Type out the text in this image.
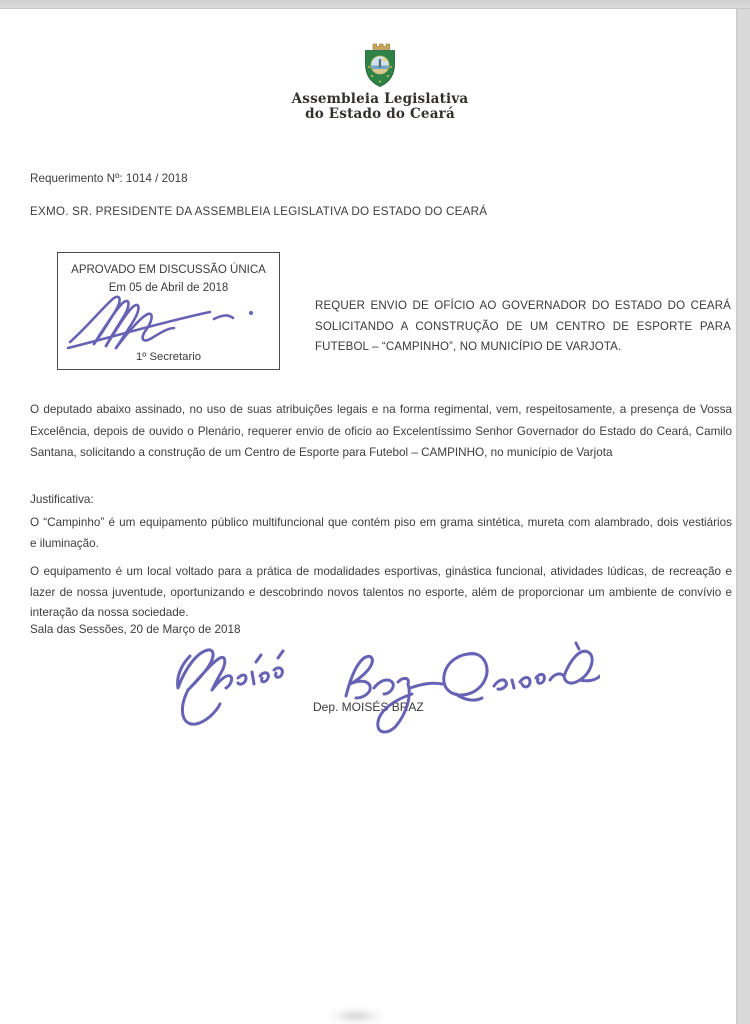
Assembleia Legislativa
do Estado do Ceará
Requerimento Nº: 1014 / 2018
EXMO. SR. PRESIDENTE DA ASSEMBLEIA LEGISLATIVA DO ESTADO DO CEARÁ
APROVADO EM DISCUSSÃO ÚNICA
Em 05 de Abril de 2018
1º Secretario
REQUER ENVIO DE OFÍCIO AO GOVERNADOR DO ESTADO DO CEARÁ
SOLICITANDO A CONSTRUÇÃO DE UM CENTRO DE ESPORTE PARA
FUTEBOL – “CAMPINHO”, NO MUNICÍPIO DE VARJOTA.
O deputado abaixo assinado, no uso de suas atribuições legais e na forma regimental, vem, respeitosamente, a presença de Vossa
Excelência, depois de ouvido o Plenário, requerer envio de oficio ao Excelentíssimo Senhor Governador do Estado do Ceará, Camilo
Santana, solicitando a construção de um Centro de Esporte para Futebol – CAMPINHO, no município de Varjota
Justificativa:
O “Campinho” é um equipamento público multifuncional que contém piso em grama sintética, mureta com alambrado, dois vestiários
e iluminação.
O equipamento é um local voltado para a prática de modalidades esportivas, ginástica funcional, atividades lúdicas, de recreação e
lazer de nossa juventude, oportunizando e descobrindo novos talentos no esporte, além de proporcionar um ambiente de convívio e
interação da nossa sociedade.
Sala das Sessões, 20 de Março de 2018
Dep. MOISÉS BRAZ
